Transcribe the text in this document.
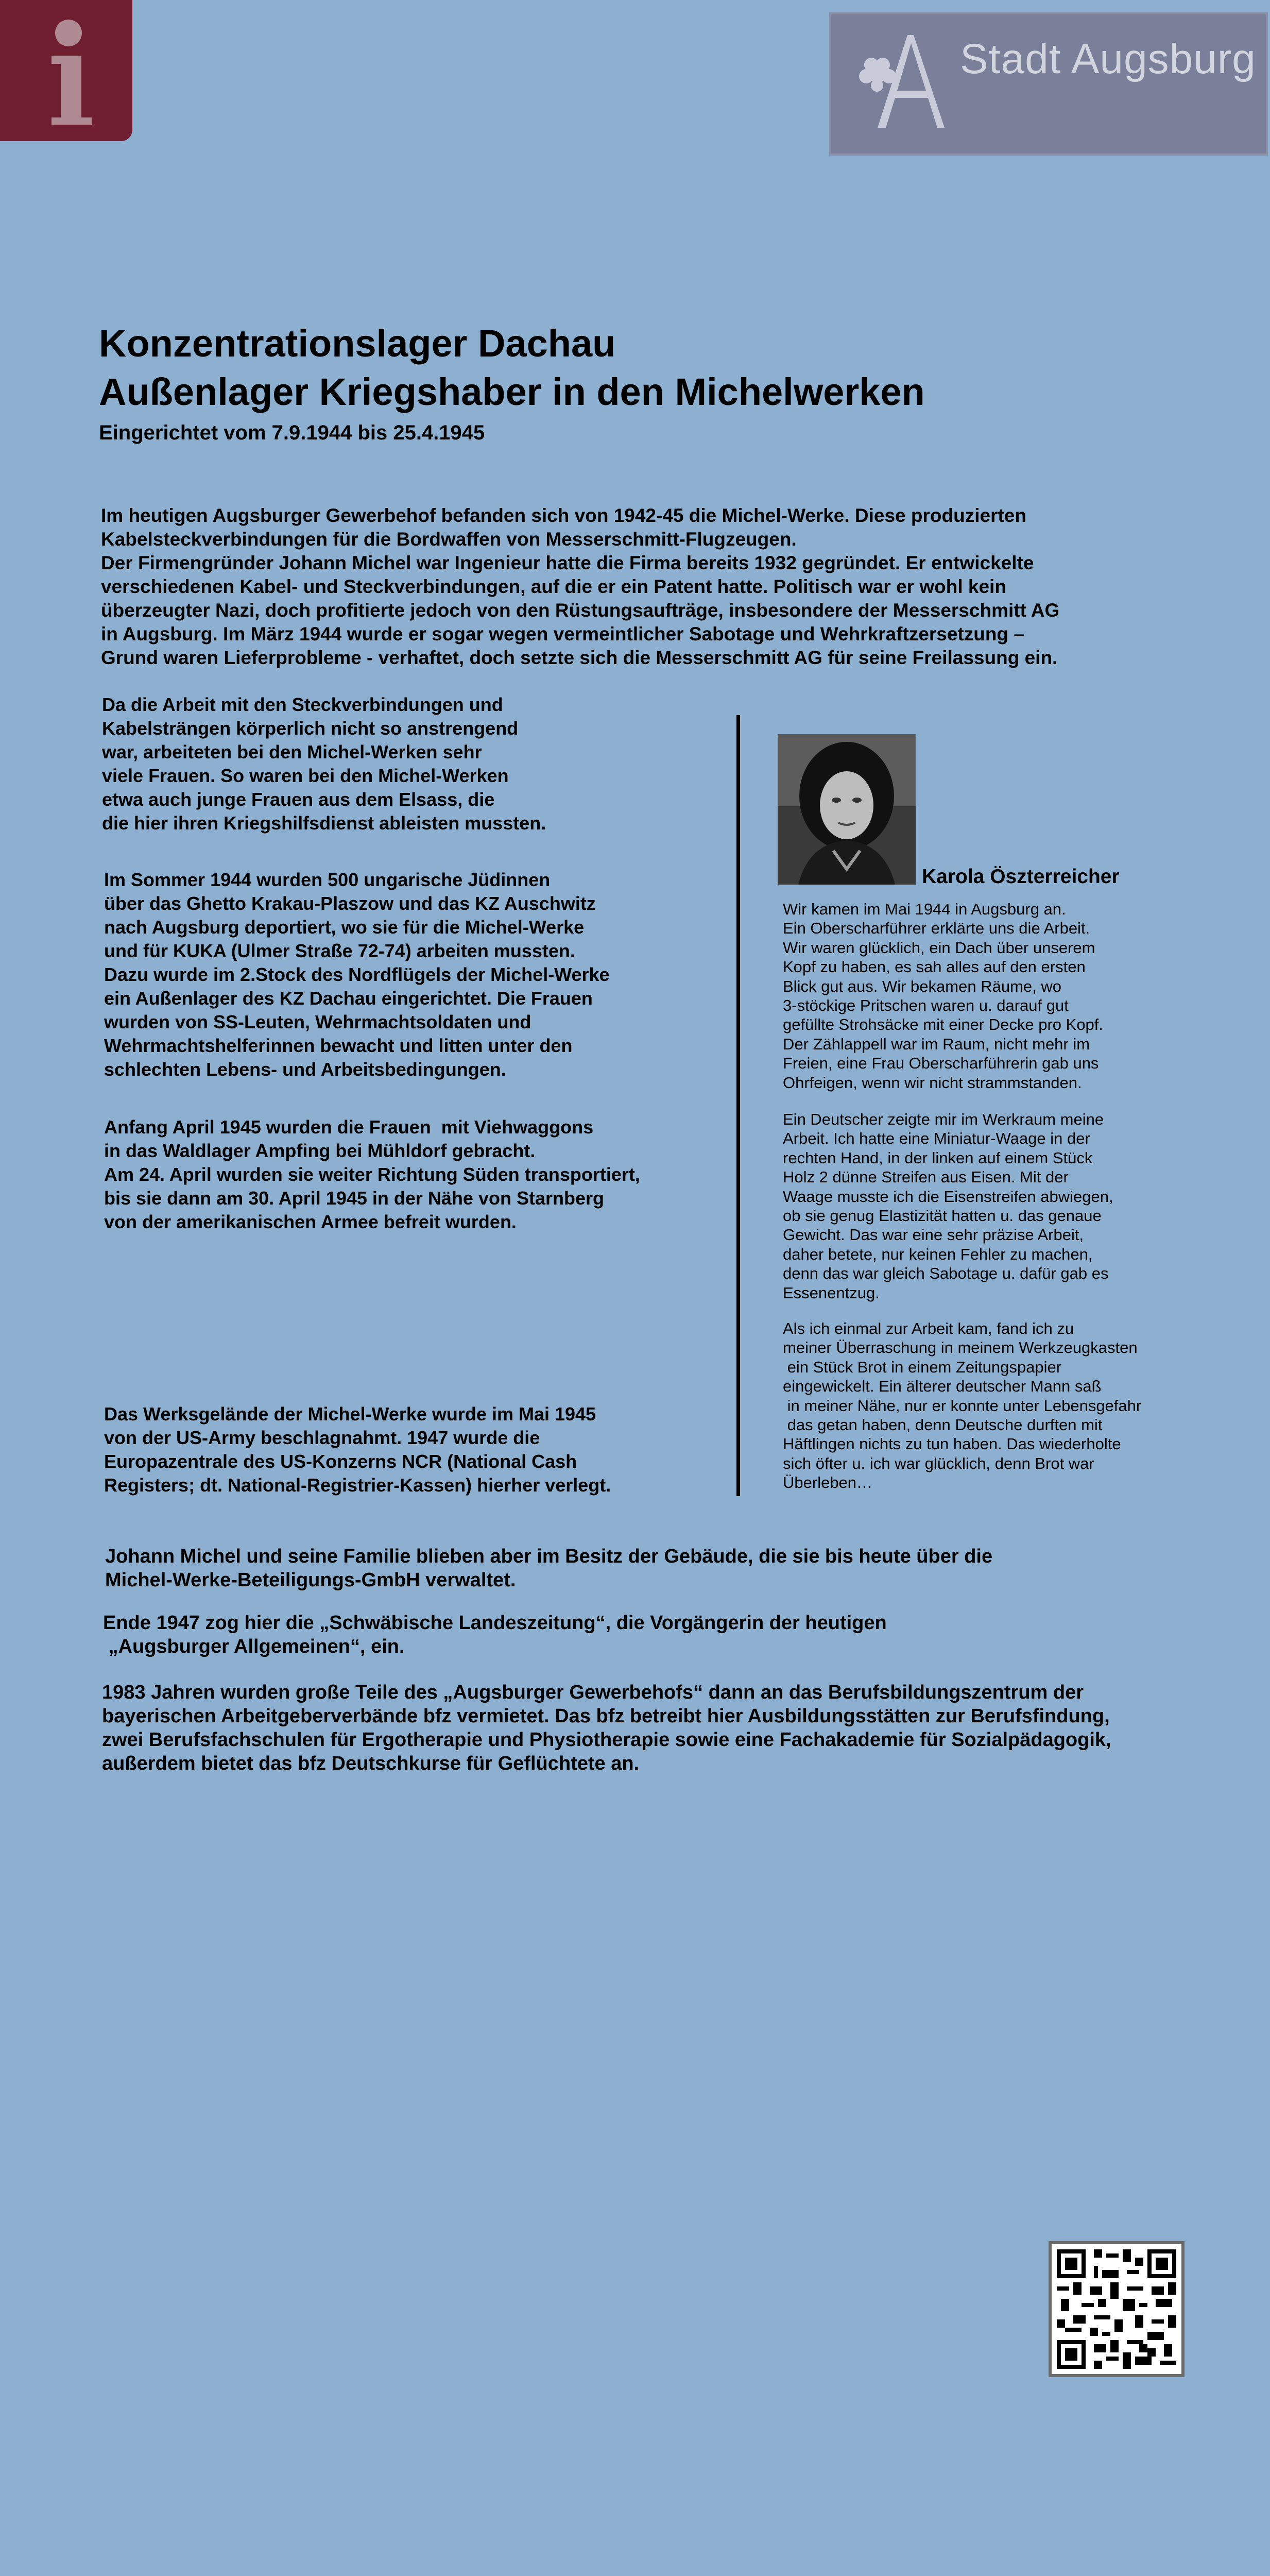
Stadt Augsburg
Konzentrationslager Dachau
Außenlager Kriegshaber in den Michelwerken
Eingerichtet vom 7.9.1944 bis 25.4.1945

Im heutigen Augsburger Gewerbehof befanden sich von 1942-45 die Michel-Werke. Diese produzierten
Kabelsteckverbindungen für die Bordwaffen von Messerschmitt-Flugzeugen.
Der Firmengründer Johann Michel war Ingenieur hatte die Firma bereits 1932 gegründet. Er entwickelte
verschiedenen Kabel- und Steckverbindungen, auf die er ein Patent hatte. Politisch war er wohl kein
überzeugter Nazi, doch profitierte jedoch von den Rüstungsaufträge, insbesondere der Messerschmitt AG
in Augsburg. Im März 1944 wurde er sogar wegen vermeintlicher Sabotage und Wehrkraftzersetzung –
Grund waren Lieferprobleme - verhaftet, doch setzte sich die Messerschmitt AG für seine Freilassung ein.

Da die Arbeit mit den Steckverbindungen und
Kabelsträngen körperlich nicht so anstrengend
war, arbeiteten bei den Michel-Werken sehr
viele Frauen. So waren bei den Michel-Werken
etwa auch junge Frauen aus dem Elsass, die
die hier ihren Kriegshilfsdienst ableisten mussten.

Im Sommer 1944 wurden 500 ungarische Jüdinnen
über das Ghetto Krakau-Plaszow und das KZ Auschwitz
nach Augsburg deportiert, wo sie für die Michel-Werke
und für KUKA (Ulmer Straße 72-74) arbeiten mussten.
Dazu wurde im 2.Stock des Nordflügels der Michel-Werke
ein Außenlager des KZ Dachau eingerichtet. Die Frauen
wurden von SS-Leuten, Wehrmachtsoldaten und
Wehrmachtshelferinnen bewacht und litten unter den
schlechten Lebens- und Arbeitsbedingungen.

Anfang April 1945 wurden die Frauen  mit Viehwaggons
in das Waldlager Ampfing bei Mühldorf gebracht.
Am 24. April wurden sie weiter Richtung Süden transportiert,
bis sie dann am 30. April 1945 in der Nähe von Starnberg
von der amerikanischen Armee befreit wurden.

Das Werksgelände der Michel-Werke wurde im Mai 1945
von der US-Army beschlagnahmt. 1947 wurde die
Europazentrale des US-Konzerns NCR (National Cash
Registers; dt. National-Registrier-Kassen) hierher verlegt.

Karola Öszterreicher

Wir kamen im Mai 1944 in Augsburg an.
Ein Oberscharführer erklärte uns die Arbeit.
Wir waren glücklich, ein Dach über unserem
Kopf zu haben, es sah alles auf den ersten
Blick gut aus. Wir bekamen Räume, wo
3-stöckige Pritschen waren u. darauf gut
gefüllte Strohsäcke mit einer Decke pro Kopf.
Der Zählappell war im Raum, nicht mehr im
Freien, eine Frau Oberscharführerin gab uns
Ohrfeigen, wenn wir nicht strammstanden.

Ein Deutscher zeigte mir im Werkraum meine
Arbeit. Ich hatte eine Miniatur-Waage in der
rechten Hand, in der linken auf einem Stück
Holz 2 dünne Streifen aus Eisen. Mit der
Waage musste ich die Eisenstreifen abwiegen,
ob sie genug Elastizität hatten u. das genaue
Gewicht. Das war eine sehr präzise Arbeit,
daher betete, nur keinen Fehler zu machen,
denn das war gleich Sabotage u. dafür gab es
Essenentzug.

Als ich einmal zur Arbeit kam, fand ich zu
meiner Überraschung in meinem Werkzeugkasten
ein Stück Brot in einem Zeitungspapier
eingewickelt. Ein älterer deutscher Mann saß
in meiner Nähe, nur er konnte unter Lebensgefahr
das getan haben, denn Deutsche durften mit
Häftlingen nichts zu tun haben. Das wiederholte
sich öfter u. ich war glücklich, denn Brot war
Überleben…

Johann Michel und seine Familie blieben aber im Besitz der Gebäude, die sie bis heute über die
Michel-Werke-Beteiligungs-GmbH verwaltet.

Ende 1947 zog hier die „Schwäbische Landeszeitung“, die Vorgängerin der heutigen
„Augsburger Allgemeinen“, ein.

1983 Jahren wurden große Teile des „Augsburger Gewerbehofs“ dann an das Berufsbildungszentrum der
bayerischen Arbeitgeberverbände bfz vermietet. Das bfz betreibt hier Ausbildungsstätten zur Berufsfindung,
zwei Berufsfachschulen für Ergotherapie und Physiotherapie sowie eine Fachakademie für Sozialpädagogik,
außerdem bietet das bfz Deutschkurse für Geflüchtete an.
